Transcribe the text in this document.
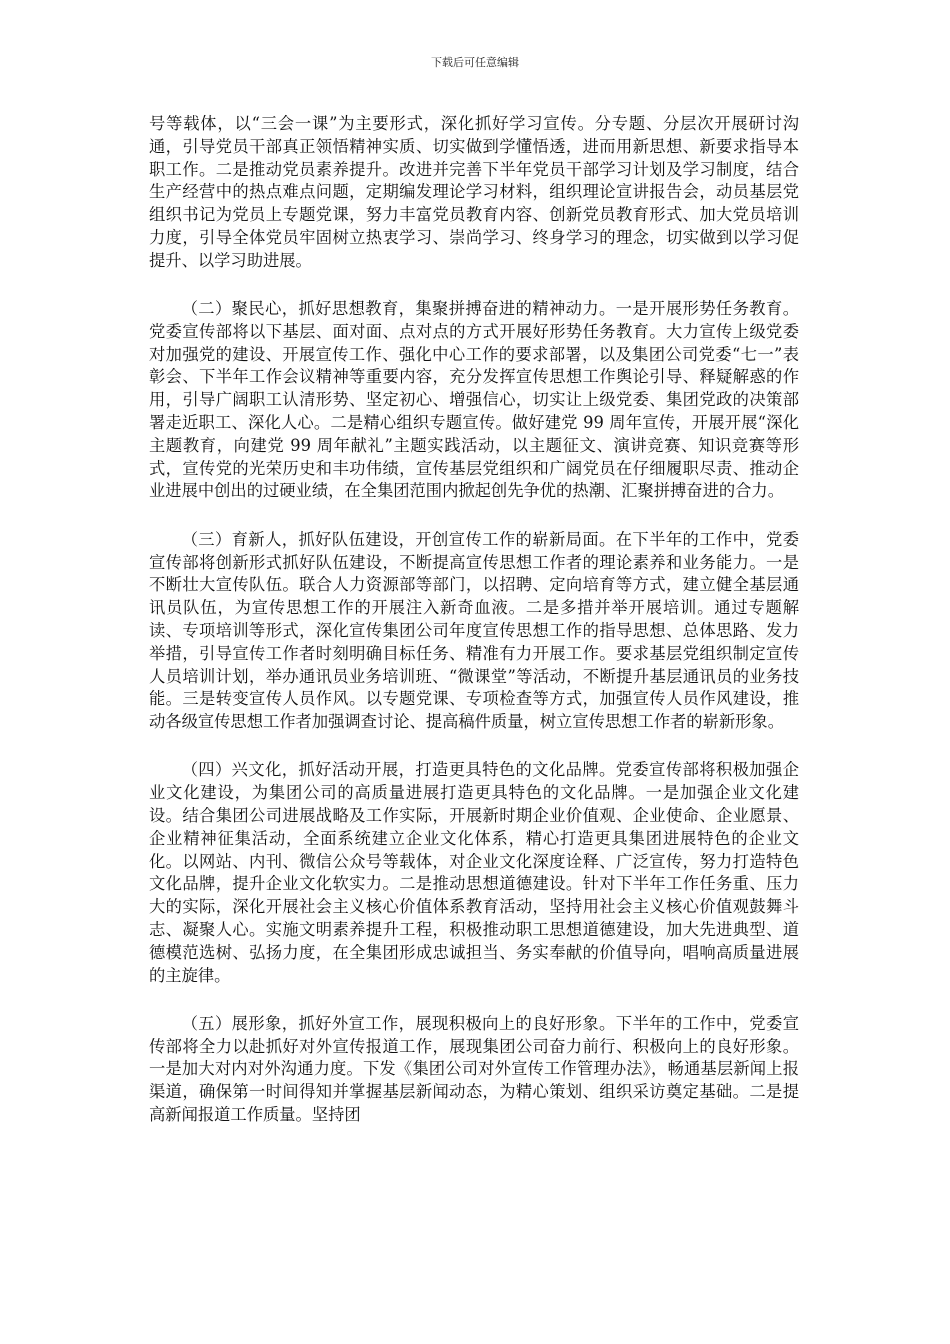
下载后可任意编辑

号等载体，以“三会一课”为主要形式，深化抓好学习宣传。分专题、分层次开展研讨沟通，引导党员干部真正领悟精神实质、切实做到学懂悟透，进而用新思想、新要求指导本职工作。二是推动党员素养提升。改进并完善下半年党员干部学习计划及学习制度，结合生产经营中的热点难点问题，定期编发理论学习材料，组织理论宣讲报告会，动员基层党组织书记为党员上专题党课，努力丰富党员教育内容、创新党员教育形式、加大党员培训力度，引导全体党员牢固树立热衷学习、崇尚学习、终身学习的理念，切实做到以学习促提升、以学习助进展。

（二）聚民心，抓好思想教育，集聚拼搏奋进的精神动力。一是开展形势任务教育。党委宣传部将以下基层、面对面、点对点的方式开展好形势任务教育。大力宣传上级党委对加强党的建设、开展宣传工作、强化中心工作的要求部署，以及集团公司党委“七一”表彰会、下半年工作会议精神等重要内容，充分发挥宣传思想工作舆论引导、释疑解惑的作用，引导广阔职工认清形势、坚定初心、增强信心，切实让上级党委、集团党政的决策部署走近职工、深化人心。二是精心组织专题宣传。做好建党 99 周年宣传，开展开展“深化主题教育，向建党 99 周年献礼”主题实践活动，以主题征文、演讲竞赛、知识竞赛等形式，宣传党的光荣历史和丰功伟绩，宣传基层党组织和广阔党员在仔细履职尽责、推动企业进展中创出的过硬业绩，在全集团范围内掀起创先争优的热潮、汇聚拼搏奋进的合力。

（三）育新人，抓好队伍建设，开创宣传工作的崭新局面。在下半年的工作中，党委宣传部将创新形式抓好队伍建设，不断提高宣传思想工作者的理论素养和业务能力。一是不断壮大宣传队伍。联合人力资源部等部门，以招聘、定向培育等方式，建立健全基层通讯员队伍，为宣传思想工作的开展注入新奇血液。二是多措并举开展培训。通过专题解读、专项培训等形式，深化宣传集团公司年度宣传思想工作的指导思想、总体思路、发力举措，引导宣传工作者时刻明确目标任务、精准有力开展工作。要求基层党组织制定宣传人员培训计划，举办通讯员业务培训班、“微课堂”等活动，不断提升基层通讯员的业务技能。三是转变宣传人员作风。以专题党课、专项检查等方式，加强宣传人员作风建设，推动各级宣传思想工作者加强调查讨论、提高稿件质量，树立宣传思想工作者的崭新形象。

（四）兴文化，抓好活动开展，打造更具特色的文化品牌。党委宣传部将积极加强企业文化建设，为集团公司的高质量进展打造更具特色的文化品牌。一是加强企业文化建设。结合集团公司进展战略及工作实际，开展新时期企业价值观、企业使命、企业愿景、企业精神征集活动，全面系统建立企业文化体系，精心打造更具集团进展特色的企业文化。以网站、内刊、微信公众号等载体，对企业文化深度诠释、广泛宣传，努力打造特色文化品牌，提升企业文化软实力。二是推动思想道德建设。针对下半年工作任务重、压力大的实际，深化开展社会主义核心价值体系教育活动，坚持用社会主义核心价值观鼓舞斗志、凝聚人心。实施文明素养提升工程，积极推动职工思想道德建设，加大先进典型、道德模范选树、弘扬力度，在全集团形成忠诚担当、务实奉献的价值导向，唱响高质量进展的主旋律。

（五）展形象，抓好外宣工作，展现积极向上的良好形象。下半年的工作中，党委宣传部将全力以赴抓好对外宣传报道工作，展现集团公司奋力前行、积极向上的良好形象。一是加大对内对外沟通力度。下发《集团公司对外宣传工作管理办法》，畅通基层新闻上报渠道，确保第一时间得知并掌握基层新闻动态，为精心策划、组织采访奠定基础。二是提高新闻报道工作质量。坚持团
